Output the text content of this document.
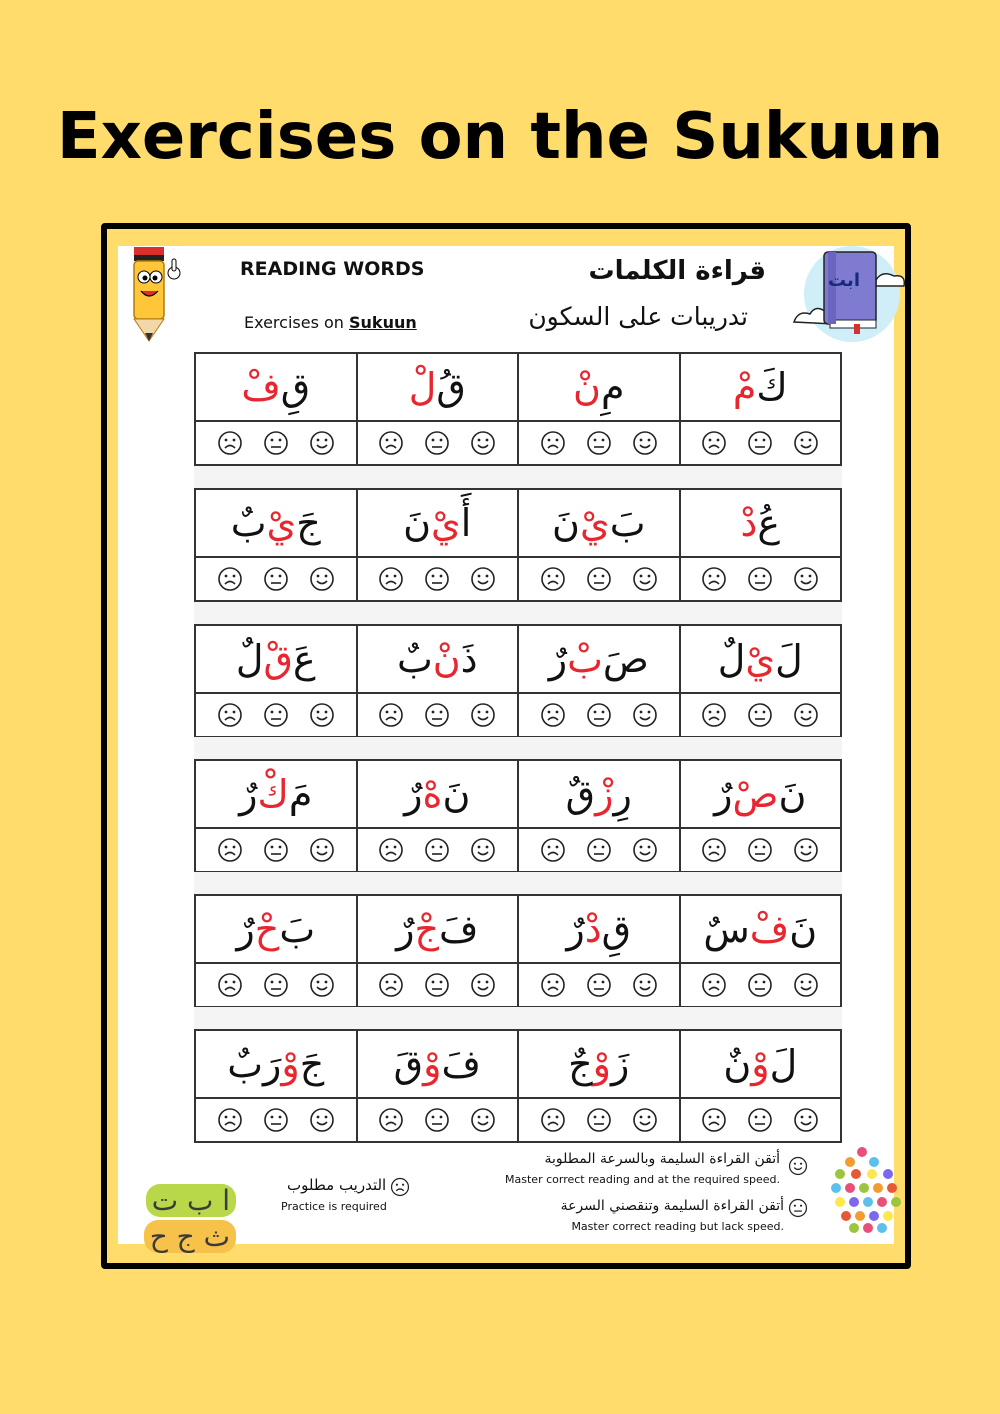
Exercises on the Sukuun
ابت
READING WORDS
Exercises on Sukuun
قراءة الكلمات
تدريبات على السكون
كَ
مْ
مِ
نْ
قُ
لْ
قِ
فْ
عُ
دْ
بَ
يْ
نَ
أَ
يْ
نَ
جَ
يْ
بٌ
لَ
يْ
لٌ
صَ
بْ
رٌ
ذَ
نْ
بٌ
عَ
قْ
لٌ
نَ
صْ
رٌ
رِ
زْ
قٌ
نَ
هْ
رٌ
مَ
كْ
رٌ
نَ
فْ
سٌ
قِ
دْ
رٌ
فَ
جْ
رٌ
بَ
حْ
رٌ
لَ
وْ
نٌ
زَ
وْ
جٌ
فَ
وْ
قَ
جَ
وْ
رَبٌ
التدريب مطلوب
Practice is required
أتقن القراءة السليمة وبالسرعة المطلوبة
Master correct reading and at the required speed.
أتقن القراءة السليمة وتنقصني السرعة
Master correct reading but lack speed.
ا ب ت
ث ج ح
